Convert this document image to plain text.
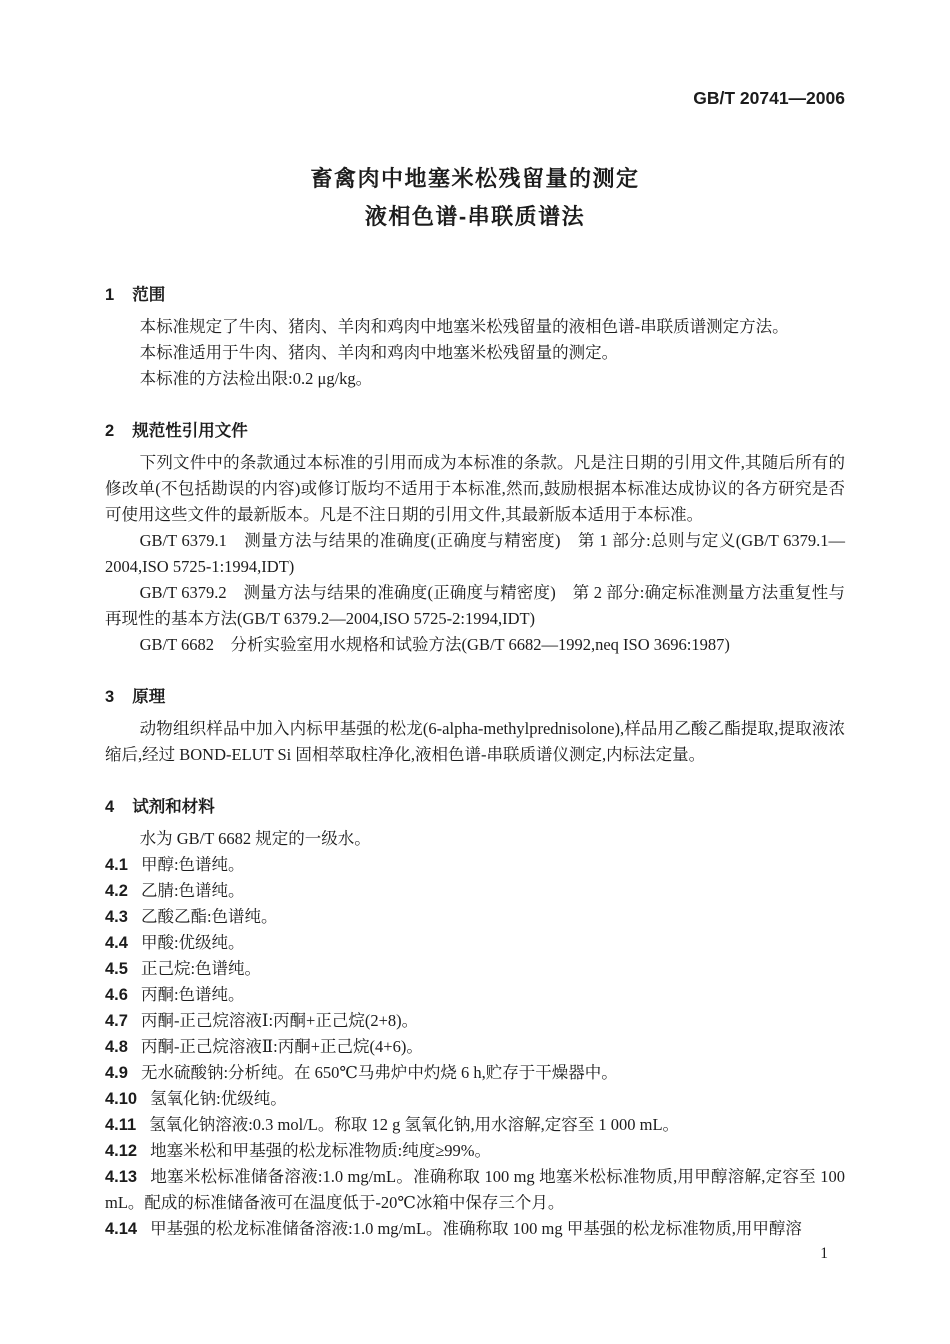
GB/T 20741—2006
畜禽肉中地塞米松残留量的测定
液相色谱-串联质谱法
1 范围

本标准规定了牛肉、猪肉、羊肉和鸡肉中地塞米松残留量的液相色谱-串联质谱测定方法。

本标准适用于牛肉、猪肉、羊肉和鸡肉中地塞米松残留量的测定。

本标准的方法检出限:0.2 μg/kg。

2 规范性引用文件

下列文件中的条款通过本标准的引用而成为本标准的条款。凡是注日期的引用文件,其随后所有的修改单(不包括勘误的内容)或修订版均不适用于本标准,然而,鼓励根据本标准达成协议的各方研究是否可使用这些文件的最新版本。凡是不注日期的引用文件,其最新版本适用于本标准。

GB/T 6379.1　测量方法与结果的准确度(正确度与精密度)　第 1 部分:总则与定义(GB/T 6379.1—2004,ISO 5725-1:1994,IDT)

GB/T 6379.2　测量方法与结果的准确度(正确度与精密度)　第 2 部分:确定标准测量方法重复性与再现性的基本方法(GB/T 6379.2—2004,ISO 5725-2:1994,IDT)

GB/T 6682　分析实验室用水规格和试验方法(GB/T 6682—1992,neq ISO 3696:1987)

3 原理

动物组织样品中加入内标甲基强的松龙(6-alpha-methylprednisolone),样品用乙酸乙酯提取,提取液浓缩后,经过 BOND-ELUT Si 固相萃取柱净化,液相色谱-串联质谱仪测定,内标法定量。

4 试剂和材料

水为 GB/T 6682 规定的一级水。

4.1 甲醇:色谱纯。

4.2 乙腈:色谱纯。

4.3 乙酸乙酯:色谱纯。

4.4 甲酸:优级纯。

4.5 正己烷:色谱纯。

4.6 丙酮:色谱纯。

4.7 丙酮-正己烷溶液Ⅰ:丙酮+正己烷(2+8)。

4.8 丙酮-正己烷溶液Ⅱ:丙酮+正己烷(4+6)。

4.9 无水硫酸钠:分析纯。在 650℃马弗炉中灼烧 6 h,贮存于干燥器中。

4.10 氢氧化钠:优级纯。

4.11 氢氧化钠溶液:0.3 mol/L。称取 12 g 氢氧化钠,用水溶解,定容至 1 000 mL。

4.12 地塞米松和甲基强的松龙标准物质:纯度≥99%。

4.13 地塞米松标准储备溶液:1.0 mg/mL。准确称取 100 mg 地塞米松标准物质,用甲醇溶解,定容至 100 mL。配成的标准储备液可在温度低于-20℃冰箱中保存三个月。

4.14 甲基强的松龙标准储备溶液:1.0 mg/mL。准确称取 100 mg 甲基强的松龙标准物质,用甲醇溶

1
